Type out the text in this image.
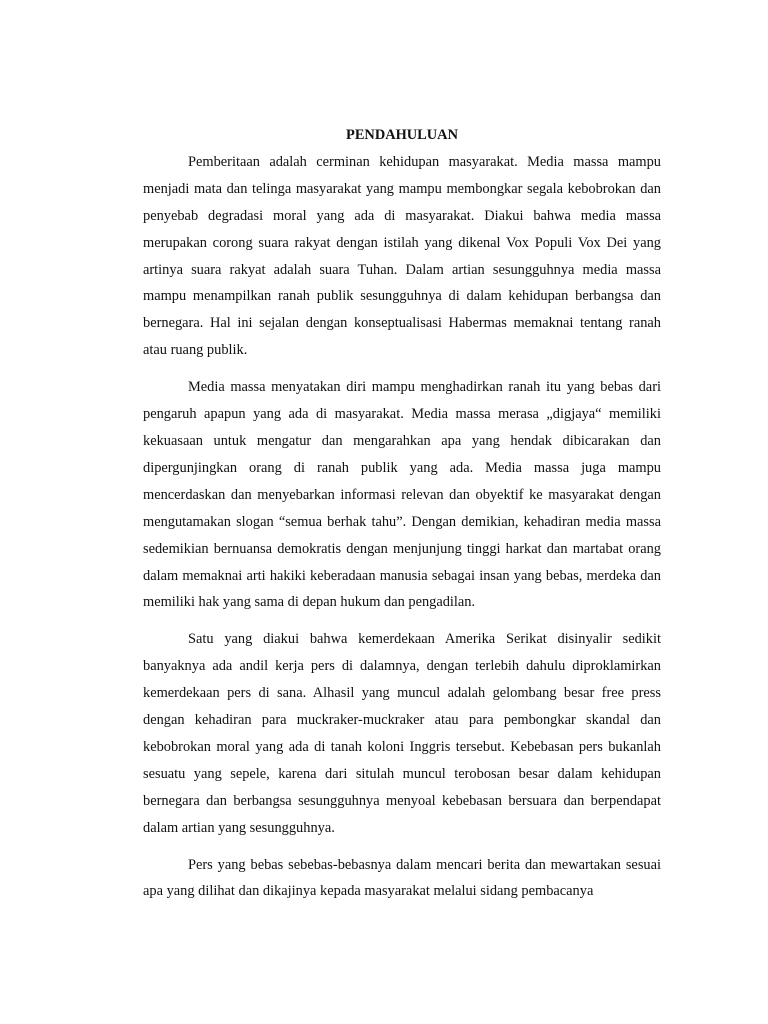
PENDAHULUAN

Pemberitaan adalah cerminan kehidupan masyarakat. Media massa mampu menjadi mata dan telinga masyarakat yang mampu membongkar segala kebobrokan dan penyebab degradasi moral yang ada di masyarakat. Diakui bahwa media massa merupakan corong suara rakyat dengan istilah yang dikenal Vox Populi Vox Dei yang artinya suara rakyat adalah suara Tuhan. Dalam artian sesungguhnya media massa mampu menampilkan ranah publik sesungguhnya di dalam kehidupan berbangsa dan bernegara. Hal ini sejalan dengan konseptualisasi Habermas memaknai tentang ranah atau ruang publik.

Media massa menyatakan diri mampu menghadirkan ranah itu yang bebas dari pengaruh apapun yang ada di masyarakat. Media massa merasa „digjaya“ memiliki kekuasaan untuk mengatur dan mengarahkan apa yang hendak dibicarakan dan dipergunjingkan orang di ranah publik yang ada. Media massa juga mampu mencerdaskan dan menyebarkan informasi relevan dan obyektif ke masyarakat dengan mengutamakan slogan “semua berhak tahu”. Dengan demikian, kehadiran media massa sedemikian bernuansa demokratis dengan menjunjung tinggi harkat dan martabat orang dalam memaknai arti hakiki keberadaan manusia sebagai insan yang bebas, merdeka dan memiliki hak yang sama di depan hukum dan pengadilan.

Satu yang diakui bahwa kemerdekaan Amerika Serikat disinyalir sedikit banyaknya ada andil kerja pers di dalamnya, dengan terlebih dahulu diproklamirkan kemerdekaan pers di sana. Alhasil yang muncul adalah gelombang besar free press dengan kehadiran para muckraker-muckraker atau para pembongkar skandal dan kebobrokan moral yang ada di tanah koloni Inggris tersebut. Kebebasan pers bukanlah sesuatu yang sepele, karena dari situlah muncul terobosan besar dalam kehidupan bernegara dan berbangsa sesungguhnya menyoal kebebasan bersuara dan berpendapat dalam artian yang sesungguhnya.

Pers yang bebas sebebas-bebasnya dalam mencari berita dan mewartakan sesuai apa yang dilihat dan dikajinya kepada masyarakat melalui sidang pembacanya
